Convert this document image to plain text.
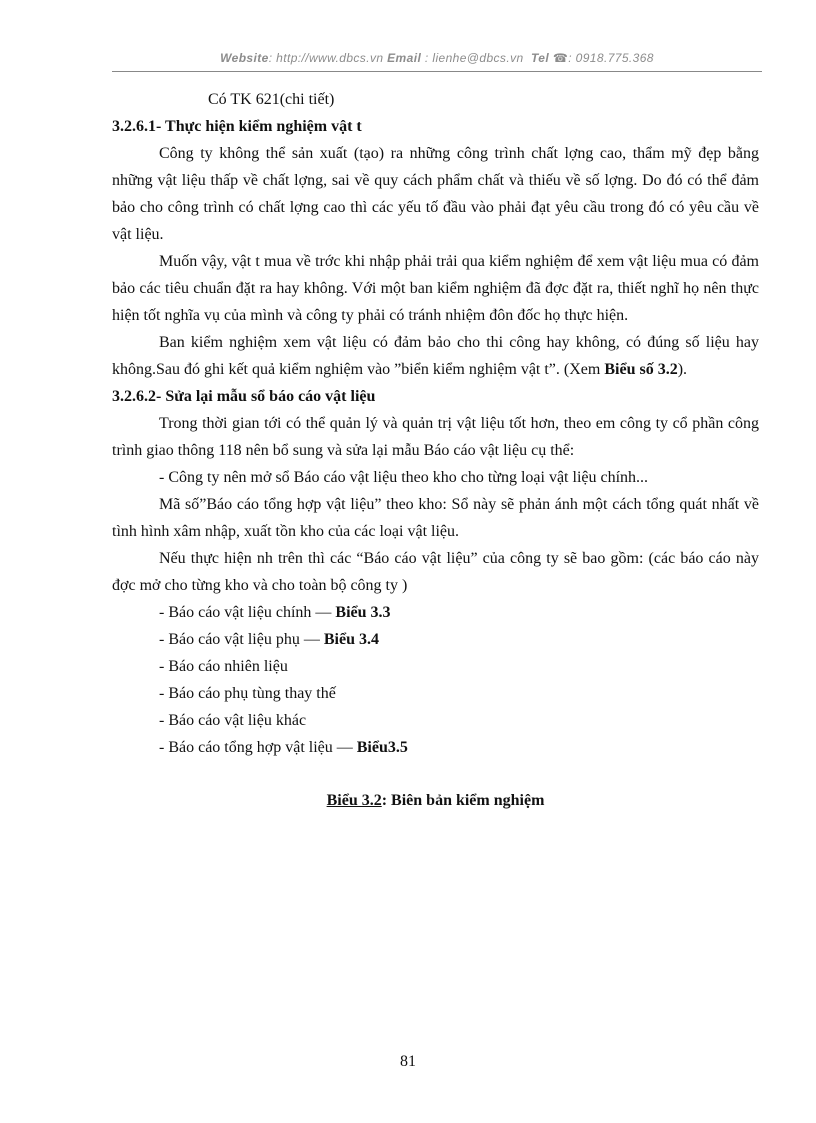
Website: http://www.dbcs.vn Email : lienhe@dbcs.vn Tel ☎: 0918.775.368

Có TK 621(chi tiết)

3.2.6.1- Thực hiện kiểm nghiệm vật t

Công ty không thể sản xuất (tạo) ra những công trình chất lợng cao, thẩm mỹ đẹp bằng những vật liệu thấp về chất lợng, sai về quy cách phẩm chất và thiếu về số lợng. Do đó có thể đảm bảo cho công trình có chất lợng cao thì các yếu tố đầu vào phải đạt yêu cầu trong đó có yêu cầu về vật liệu.

Muốn vậy, vật t mua về trớc khi nhập phải trải qua kiểm nghiệm để xem vật liệu mua có đảm bảo các tiêu chuẩn đặt ra hay không. Với một ban kiểm nghiệm đã đợc đặt ra, thiết nghĩ họ nên thực hiện tốt nghĩa vụ của mình và công ty phải có tránh nhiệm đôn đốc họ thực hiện.

Ban kiểm nghiệm xem vật liệu có đảm bảo cho thi công hay không, có đúng số liệu hay không.Sau đó ghi kết quả kiểm nghiệm vào ”biển kiểm nghiệm vật t”. (Xem Biểu số 3.2).

3.2.6.2- Sửa lại mẫu sổ báo cáo vật liệu

Trong thời gian tới có thể quản lý và quản trị vật liệu tốt hơn, theo em công ty cổ phần công trình giao thông 118 nên bổ sung và sửa lại mẫu Báo cáo vật liệu cụ thể:

- Công ty nên mở sổ Báo cáo vật liệu theo kho cho từng loại vật liệu chính...

Mã số”Báo cáo tổng hợp vật liệu” theo kho: Sổ này sẽ phản ánh một cách tổng quát nhất về tình hình xâm nhập, xuất tồn kho của các loại vật liệu.

Nếu thực hiện nh trên thì các “Báo cáo vật liệu” của công ty sẽ bao gồm: (các báo cáo này đợc mở cho từng kho và cho toàn bộ công ty )

- Báo cáo vật liệu chính — Biểu 3.3

- Báo cáo vật liệu phụ — Biểu 3.4

- Báo cáo nhiên liệu

- Báo cáo phụ tùng thay thế

- Báo cáo vật liệu khác

- Báo cáo tổng hợp vật liệu — Biểu3.5

Biểu 3.2: Biên bản kiểm nghiệm

81
